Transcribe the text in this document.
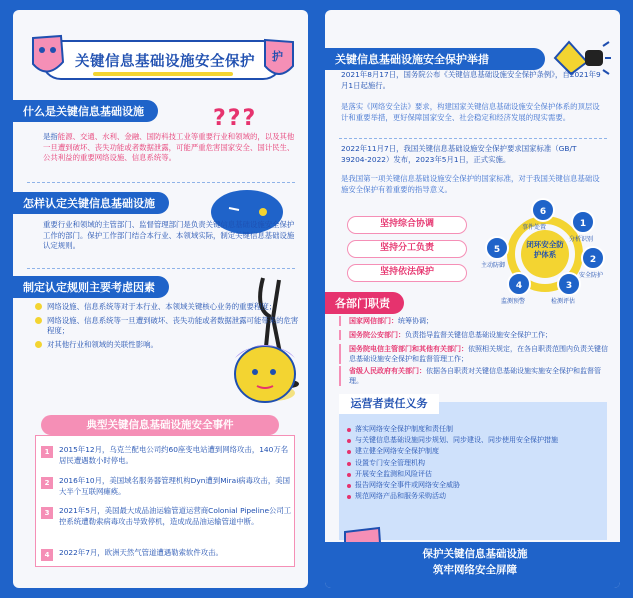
护
关键信息基础设施安全保护
什么是关键信息基础设施	???
是指能源、交通、水利、金融、国防科技工业等重要行业和领域的，以及其他一旦遭到破坏、丧失功能或者数据泄露，可能严重危害国家安全、国计民生、公共利益的重要网络设施、信息系统等。
怎样认定关键信息基础设施
重要行业和领域的主管部门、监督管理部门是负责关键信息基础设施安全保护工作的部门。保护工作部门结合本行业、本领域实际，制定关键信息基础设施认定规则。
制定认定规则主要考虑因素
网络设施、信息系统等对于本行业、本领域关键核心业务的重要程度；
网络设施、信息系统等一旦遭到破坏、丧失功能或者数据泄露可能带来的危害程度；
对其他行业和领域的关联性影响。
典型关键信息基础设施安全事件
1	2015年12月，乌克兰配电公司约60座变电站遭到网络攻击，140万名居民遭遇数小时停电。
2	2016年10月，美国域名服务器管理机构Dyn遭到Mirai病毒攻击，美国大半个互联网瘫痪。
3	2021年5月，美国最大成品油运输管道运营商Colonial Pipeline公司工控系统遭勒索病毒攻击导致停机，造成成品油运输管道中断。
4	2022年7月，欧洲天然气管道遭遇勒索软件攻击。
关键信息基础设施安全保护举措
2021年8月17日，国务院公布《关键信息基础设施安全保护条例》，自2021年9月1日起施行。
是落实《网络安全法》要求，构建国家关键信息基础设施安全保护体系的顶层设计和重要举措，更好保障国家安全、社会稳定和经济发展的现实需要。
2022年11月7日，我国关键信息基础设施安全保护要求国家标准（GB/T 39204-2022）发布，2023年5月1日，正式实施。
是我国第一项关键信息基础设施安全保护的国家标准，对于我国关键信息基础设施安全保护有着重要的指导意义。
坚持综合协调
坚持分工负责
坚持依法保护
闭环安全防护体系
6
事件处置	1
分析识别
2
安全防护
3
检测评估
4
监测预警
5
主动防御
各部门职责
国家网信部门：统筹协调；
国务院公安部门：负责指导监督关键信息基础设施安全保护工作；
国务院电信主管部门和其他有关部门：依照相关规定，在各自职责范围内负责关键信息基础设施安全保护和监督管理工作；
省级人民政府有关部门：依据各自职责对关键信息基础设施实施安全保护和监督管理。
运营者责任义务
落实网络安全保护制度和责任制
与关键信息基础设施同步规划、同步建设、同步使用安全保护措施
建立健全网络安全保护制度
设置专门安全管理机构
开展安全监测和风险评估
报告网络安全事件或网络安全威胁
规范网络产品和服务采购活动
保护关键信息基础设施
筑牢网络安全屏障
